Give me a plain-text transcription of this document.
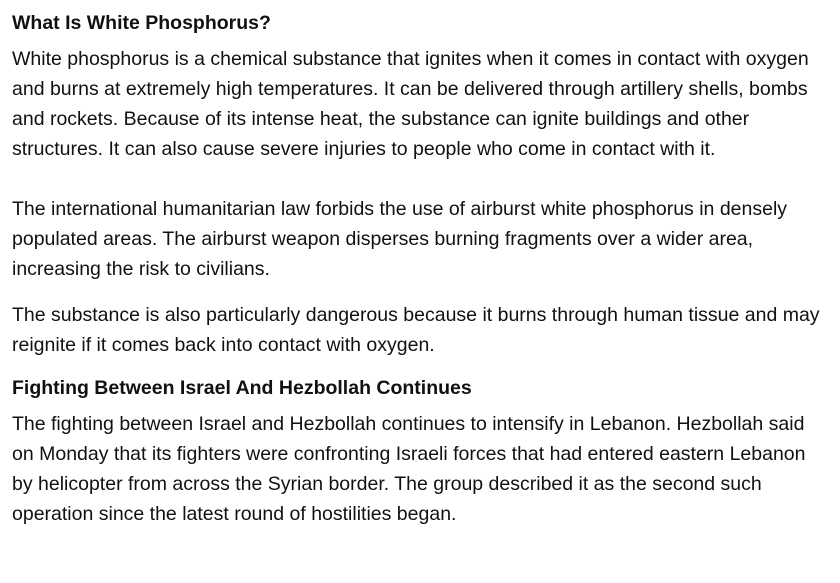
What Is White Phosphorus?

White phosphorus is a chemical substance that ignites when it comes in contact with oxygen and burns at extremely high temperatures. It can be delivered through artillery shells, bombs and rockets. Because of its intense heat, the substance can ignite buildings and other structures. It can also cause severe injuries to people who come in contact with it.

The international humanitarian law forbids the use of airburst white phosphorus in densely populated areas. The airburst weapon disperses burning fragments over a wider area, increasing the risk to civilians.

The substance is also particularly dangerous because it burns through human tissue and may reignite if it comes back into contact with oxygen.

Fighting Between Israel And Hezbollah Continues

The fighting between Israel and Hezbollah continues to intensify in Lebanon. Hezbollah said on Monday that its fighters were confronting Israeli forces that had entered eastern Lebanon by helicopter from across the Syrian border. The group described it as the second such operation since the latest round of hostilities began.
